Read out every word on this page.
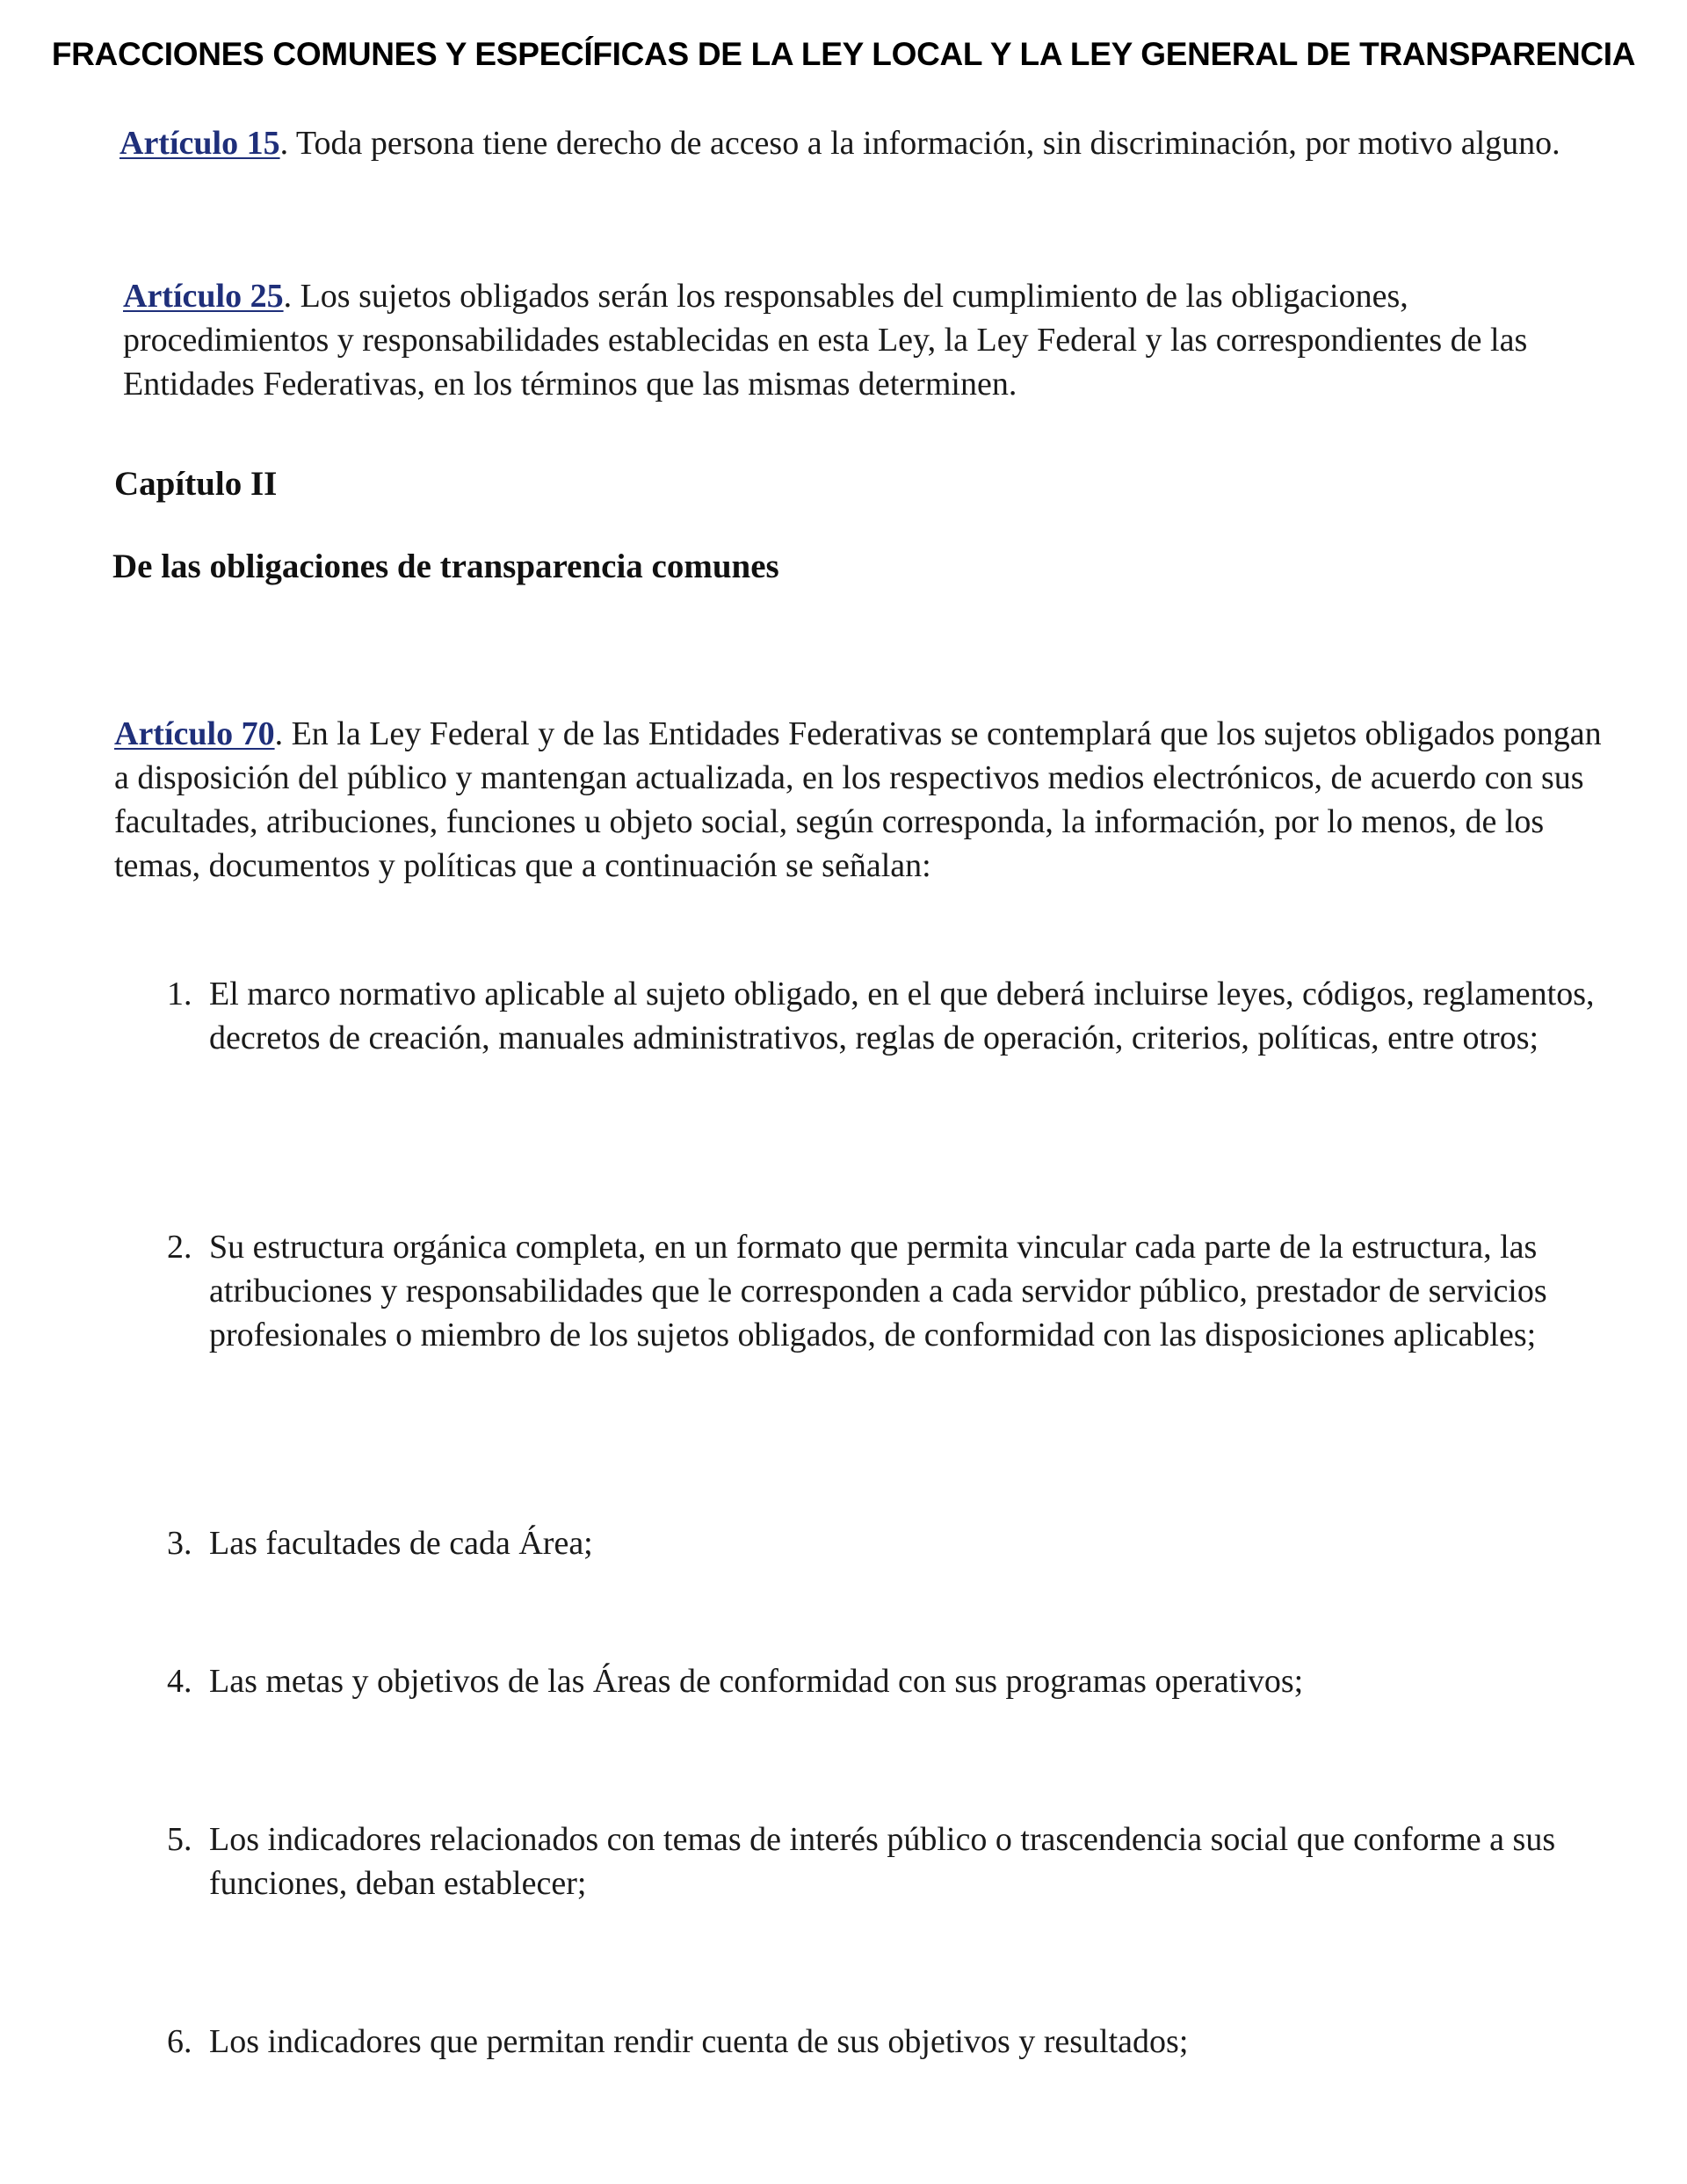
FRACCIONES COMUNES Y ESPECÍFICAS DE LA LEY LOCAL Y LA LEY GENERAL DE TRANSPARENCIA

Artículo 15. Toda persona tiene derecho de acceso a la información, sin discriminación, por motivo alguno.

Artículo 25. Los sujetos obligados serán los responsables del cumplimiento de las obligaciones, procedimientos y responsabilidades establecidas en esta Ley, la Ley Federal y las correspondientes de las Entidades Federativas, en los términos que las mismas determinen.

Capítulo II
De las obligaciones de transparencia comunes

Artículo 70. En la Ley Federal y de las Entidades Federativas se contemplará que los sujetos obligados pongan a disposición del público y mantengan actualizada, en los respectivos medios electrónicos, de acuerdo con sus facultades, atribuciones, funciones u objeto social, según corresponda, la información, por lo menos, de los temas, documentos y políticas que a continuación se señalan:

1. El marco normativo aplicable al sujeto obligado, en el que deberá incluirse leyes, códigos, reglamentos, decretos de creación, manuales administrativos, reglas de operación, criterios, políticas, entre otros;
2. Su estructura orgánica completa, en un formato que permita vincular cada parte de la estructura, las atribuciones y responsabilidades que le corresponden a cada servidor público, prestador de servicios profesionales o miembro de los sujetos obligados, de conformidad con las disposiciones aplicables;
3. Las facultades de cada Área;
4. Las metas y objetivos de las Áreas de conformidad con sus programas operativos;
5. Los indicadores relacionados con temas de interés público o trascendencia social que conforme a sus funciones, deban establecer;
6. Los indicadores que permitan rendir cuenta de sus objetivos y resultados;
